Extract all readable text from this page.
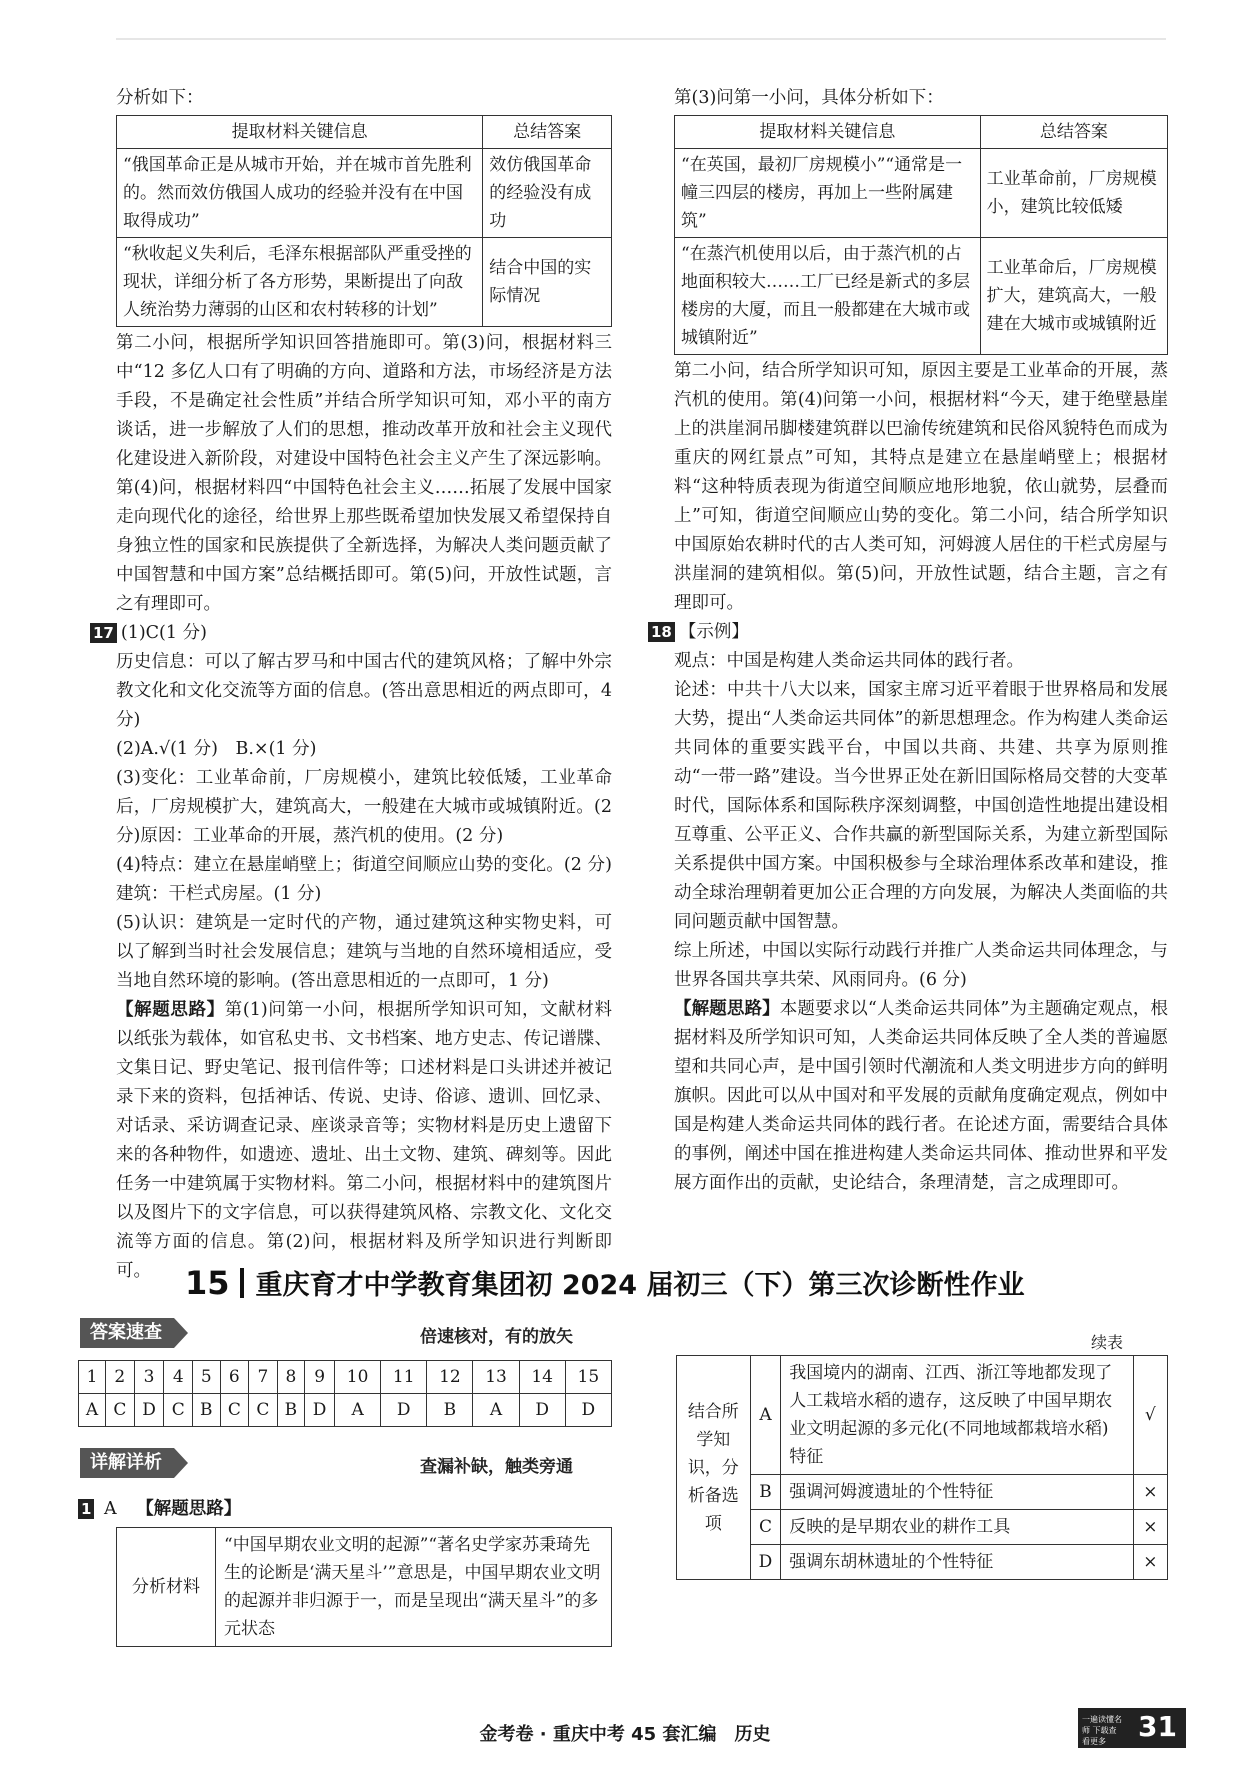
分析如下：

提取材料关键信息	总结答案
“俄国革命正是从城市开始，并在城市首先胜利的。然而效仿俄国人成功的经验并没有在中国取得成功”	效仿俄国革命的经验没有成功
“秋收起义失利后，毛泽东根据部队严重受挫的现状，详细分析了各方形势，果断提出了向敌人统治势力薄弱的山区和农村转移的计划”	结合中国的实际情况

第二小问，根据所学知识回答措施即可。第(3)问，根据材料三中“12 多亿人口有了明确的方向、道路和方法，市场经济是方法手段，不是确定社会性质”并结合所学知识可知，邓小平的南方谈话，进一步解放了人们的思想，推动改革开放和社会主义现代化建设进入新阶段，对建设中国特色社会主义产生了深远影响。第(4)问，根据材料四“中国特色社会主义……拓展了发展中国家走向现代化的途径，给世界上那些既希望加快发展又希望保持自身独立性的国家和民族提供了全新选择，为解决人类问题贡献了中国智慧和中国方案”总结概括即可。第(5)问，开放性试题，言之有理即可。

17 (1)C(1 分)

历史信息：可以了解古罗马和中国古代的建筑风格；了解中外宗教文化和文化交流等方面的信息。(答出意思相近的两点即可，4 分)

(2)A.√(1 分)　B.×(1 分)

(3)变化：工业革命前，厂房规模小，建筑比较低矮，工业革命后，厂房规模扩大，建筑高大，一般建在大城市或城镇附近。(2 分)原因：工业革命的开展，蒸汽机的使用。(2 分)

(4)特点：建立在悬崖峭壁上；街道空间顺应山势的变化。(2 分)建筑：干栏式房屋。(1 分)

(5)认识：建筑是一定时代的产物，通过建筑这种实物史料，可以了解到当时社会发展信息；建筑与当地的自然环境相适应，受当地自然环境的影响。(答出意思相近的一点即可，1 分)

【解题思路】第(1)问第一小问，根据所学知识可知，文献材料以纸张为载体，如官私史书、文书档案、地方史志、传记谱牒、文集日记、野史笔记、报刊信件等；口述材料是口头讲述并被记录下来的资料，包括神话、传说、史诗、俗谚、遗训、回忆录、对话录、采访调查记录、座谈录音等；实物材料是历史上遗留下来的各种物件，如遗迹、遗址、出土文物、建筑、碑刻等。因此任务一中建筑属于实物材料。第二小问，根据材料中的建筑图片以及图片下的文字信息，可以获得建筑风格、宗教文化、文化交流等方面的信息。第(2)问，根据材料及所学知识进行判断即可。

第(3)问第一小问，具体分析如下：

提取材料关键信息	总结答案
“在英国，最初厂房规模小”“通常是一幢三四层的楼房，再加上一些附属建筑”	工业革命前，厂房规模小，建筑比较低矮
“在蒸汽机使用以后，由于蒸汽机的占地面积较大……工厂已经是新式的多层楼房的大厦，而且一般都建在大城市或城镇附近”	工业革命后，厂房规模扩大，建筑高大，一般建在大城市或城镇附近

第二小问，结合所学知识可知，原因主要是工业革命的开展，蒸汽机的使用。第(4)问第一小问，根据材料“今天，建于绝壁悬崖上的洪崖洞吊脚楼建筑群以巴渝传统建筑和民俗风貌特色而成为重庆的网红景点”可知，其特点是建立在悬崖峭壁上；根据材料“这种特质表现为街道空间顺应地形地貌，依山就势，层叠而上”可知，街道空间顺应山势的变化。第二小问，结合所学知识中国原始农耕时代的古人类可知，河姆渡人居住的干栏式房屋与洪崖洞的建筑相似。第(5)问，开放性试题，结合主题，言之有理即可。

18 【示例】

观点：中国是构建人类命运共同体的践行者。

论述：中共十八大以来，国家主席习近平着眼于世界格局和发展大势，提出“人类命运共同体”的新思想理念。作为构建人类命运共同体的重要实践平台，中国以共商、共建、共享为原则推动“一带一路”建设。当今世界正处在新旧国际格局交替的大变革时代，国际体系和国际秩序深刻调整，中国创造性地提出建设相互尊重、公平正义、合作共赢的新型国际关系，为建立新型国际关系提供中国方案。中国积极参与全球治理体系改革和建设，推动全球治理朝着更加公正合理的方向发展，为解决人类面临的共同问题贡献中国智慧。

综上所述，中国以实际行动践行并推广人类命运共同体理念，与世界各国共享共荣、风雨同舟。(6 分)

【解题思路】本题要求以“人类命运共同体”为主题确定观点，根据材料及所学知识可知，人类命运共同体反映了全人类的普遍愿望和共同心声，是中国引领时代潮流和人类文明进步方向的鲜明旗帜。因此可以从中国对和平发展的贡献角度确定观点，例如中国是构建人类命运共同体的践行者。在论述方面，需要结合具体的事例，阐述中国在推进构建人类命运共同体、推动世界和平发展方面作出的贡献，史论结合，条理清楚，言之成理即可。

15 重庆育才中学教育集团初 2024 届初三（下）第三次诊断性作业
答案速查	倍速核对，有的放矢
1	2	3	4	5	6	7	8	9	10	11	12	13	14	15
A	C	D	C	B	C	C	B	D	A	D	B	A	D	D
详解详析	查漏补缺，触类旁通
1 A 【解题思路】
分析材料	“中国早期农业文明的起源”“著名史学家苏秉琦先生的论断是‘满天星斗’”意思是，中国早期农业文明的起源并非归源于一，而是呈现出“满天星斗”的多元状态
续表
结合所学知识，分析备选项	A	我国境内的湖南、江西、浙江等地都发现了人工栽培水稻的遗存，这反映了中国早期农业文明起源的多元化(不同地域都栽培水稻)特征	√
	B	强调河姆渡遗址的个性特征	×
	C	反映的是早期农业的耕作工具	×
	D	强调东胡林遗址的个性特征	×
金考卷 · 重庆中考 45 套汇编　历史
一遍读懂名师 下载查看更多	31
